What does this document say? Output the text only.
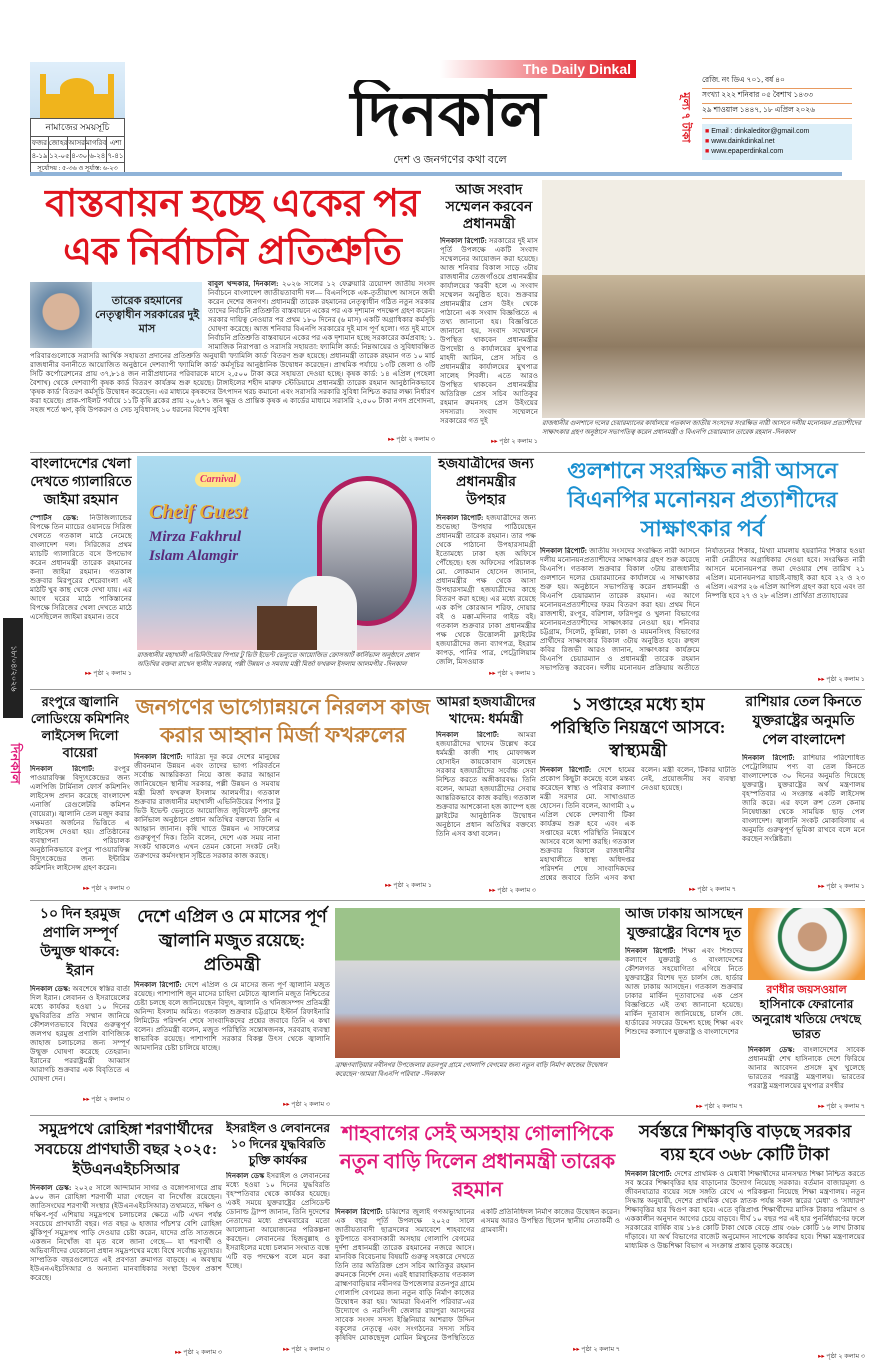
নামাজের সময়সূচি
ফজর জোহর আসর মাগরিব এশা
৪-১৯ ১২-০৫ ৪-৩০ ৬-২৪ ৭-৪১
সূর্যোদয় : ৫-৩৬ ও সূর্যাস্ত: ৬-২৩
The Daily Dinkal
দিনকাল
দেশ ও জনগণের কথা বলে
মূল্য ৭ টাকা
রেজি. নং ডিএ ৭০১, বর্ষ ৪০
সংখ্যা ২২২ শনিবার ০৫ বৈশাখ ১৪৩৩
২৯ শাওয়াল ১৪৪৭, ১৮ এপ্রিল ২০২৬
■ Email : dinkaleditor@gmail.com
■ www.dainkdinkal.net
■ www.epaperdinkal.com
১৮/০৪/২০২৬
দিনকাল
বাস্তবায়ন হচ্ছে একের পর এক নির্বাচনি প্রতিশ্রুতি
তারেক রহমানের নেতৃত্বাধীন সরকারের দুই মাস
বাবুল খন্দকার, দিনকাল: ২০২৬ সালের ১২ ফেব্রুয়ারি ত্রয়োদশ জাতীয় সংসদ নির্বাচনে বাংলাদেশ জাতীয়তাবাদী দল— বিএনপিকে এক-তৃতীয়াংশ আসনে জয়ী করেন দেশের জনগণ। প্রধানমন্ত্রী তারেক রহমানের নেতৃত্বাধীন গঠিত নতুন সরকার তাদের নির্বাচনি প্রতিশ্রুতি বাস্তবায়নে একের পর এক দৃশ্যমান পদক্ষেপ গ্রহণ করেন। সরকার দায়িত্ব নেওয়ার পর প্রথম ১৮০ দিনের (৬ মাস) একটি অগ্রাধিকার কর্মসূচি ঘোষণা করেছে। আজ শনিবার বিএনপি সরকারের দুই মাস পূর্ণ হলো। গত দুই মাসে নির্বাচনি প্রতিশ্রুতি বাস্তবায়নে একের পর এক দৃশ্যমান হচ্ছে সরকারের কর্মপ্রবাহ: ১. সামাজিক নিরাপত্তা ও সরাসরি সহায়তা: ফ্যামিলি কার্ড: নিম্নআয়ের ও সুবিধাবঞ্চিত পরিবারগুলোকে সরাসরি আর্থিক সহায়তা প্রদানের প্রতিশ্রুতি অনুযায়ী 'ফ্যামিলি কার্ড' বিতরণ শুরু হয়েছে। প্রধানমন্ত্রী তারেক রহমান গত ১০ মার্চ রাজধানীর বনানীতে আয়োজিত অনুষ্ঠানে দেশব্যাপী 'ফ্যামিলি কার্ড' কর্মসূচির আনুষ্ঠানিক উদ্বোধন করেছেন। প্রাথমিক পর্যায়ে ১৩টি জেলা ও ৩টি সিটি কর্পোরেশনের প্রায় ৩৭,৮১৪ জন নারীপ্রধানের পরিবারকে মাসে ২,৫০০ টাকা করে সহায়তা দেওয়া হচ্ছে। কৃষক কার্ড: ১৪ এপ্রিল (পহেলা বৈশাখ) থেকে দেশব্যাপী কৃষক কার্ড বিতরণ কার্যক্রম শুরু হয়েছে। টাঙ্গাইলের শহীদ মারুফ স্টেডিয়ামে প্রধানমন্ত্রী তারেক রহমান আনুষ্ঠানিকভাবে 'কৃষক কার্ড' বিতরণ কর্মসূচি উদ্বোধন করেছেন। এর মাধ্যমে কৃষকদের উৎপাদন খরচ কমানো এবং সরাসরি সরকারি সুবিধা নিশ্চিত করার লক্ষ্য নির্ধারণ করা হয়েছে। প্রাক-পাইলট পর্যায়ে ১১টি কৃষি ব্লকের প্রায় ২০,৬৭১ জন ক্ষুদ্র ও প্রান্তিক কৃষক এ কার্ডের মাধ্যমে সরাসরি ২,৫০০ টাকা নগদ প্রণোদনা, সহজ শর্তে ঋণ, কৃষি উপকরণ ও সেচ সুবিধাসহ ১০ ধরনের বিশেষ সুবিধা
▸▸ পৃষ্ঠা ২ কলাম ৩
আজ সংবাদ সম্মেলন করবেন প্রধানমন্ত্রী
দিনকাল রিপোর্ট: সরকারের দুই মাস পূর্তি উপলক্ষে একটি সংবাদ সম্মেলনের আয়োজন করা হয়েছে। আজ শনিবার বিকাল সাড়ে ৩টায় রাজধানীর তেজগাঁওয়ে প্রধানমন্ত্রীর কার্যালয়ের 'করবী' হলে এ সংবাদ সম্মেলন অনুষ্ঠিত হবে। শুক্রবার প্রধানমন্ত্রীর প্রেস উইং থেকে পাঠানো এক সংবাদ বিজ্ঞপ্তিতে এ তথ্য জানানো হয়। বিজ্ঞপ্তিতে জানানো হয়, সংবাদ সম্মেলনে উপস্থিত থাকবেন প্রধানমন্ত্রীর উপদেষ্টা ও কার্যালয়ের মুখপাত্র মাহদী আমিন, প্রেস সচিব ও প্রধানমন্ত্রীর কার্যালয়ের মুখপাত্র সালেহ শিবলী। এতে আরও উপস্থিত থাকবেন প্রধানমন্ত্রীর অতিরিক্ত প্রেস সচিব আতিকুর রহমান রুমনসহ প্রেস উইংয়ের সদস্যরা। সংবাদ সম্মেলনে সরকারের গত দুই
▸▸ পৃষ্ঠা ২ কলাম ১
রাজধানীর গুলশানে দলের চেয়ারম্যানের কার্যালয়ে গতকাল জাতীয় সংসদের সংরক্ষিত নারী আসনে দলীয় মনোনয়ন প্রত্যাশীদের সাক্ষাৎকার গ্রহণ অনুষ্ঠানে সভাপতিত্ব করেন প্রধানমন্ত্রী ও বিএনপি চেয়ারম্যান তারেক রহমান -দিনকাল
বাংলাদেশের খেলা দেখতে গ্যালারিতে জাইমা রহমান
স্পোর্টস ডেস্ক: নিউজিল্যান্ডের বিপক্ষে তিন ম্যাচের ওয়ানডে সিরিজ খেলতে গতকাল মাঠে নেমেছে বাংলাদেশ দল। সিরিজের প্রথম ম্যাচটি গ্যালারিতে বসে উপভোগ করেন প্রধানমন্ত্রী তারেক রহমানের কন্যা জাইমা রহমান। গতকাল শুক্রবার মিরপুরের শেরেবাংলা এই মাঠটি খুব কাছ থেকে দেখা যায়। এর আগে ঘরের মাঠে পাকিস্তানের বিপক্ষে সিরিজের খেলা দেখতে মাঠে এসেছিলেন জাইমা রহমান। তবে
▸▸ পৃষ্ঠা ২ কলাম ১
Carnival
Cheif Guest
Mirza Fakhrul Islam Alamgir
রাজধানীর মহাখালী এভিনিউয়ের পিপার টু ভিউ ইভেন্ট ভেন্যুতে আয়োজিত ক্রোসআর্ট কার্নিভাল অনুষ্ঠানে প্রধান অতিথির বক্তব্য রাখেন স্থানীয় সরকার, পল্লী উন্নয়ন ও সমবায় মন্ত্রী মির্জা ফখরুল ইসলাম আলমগীর -দিনকাল
হজযাত্রীদের জন্য প্রধানমন্ত্রীর উপহার
দিনকাল রিপোর্ট: হজযাত্রীদের জন্য শুভেচ্ছা উপহার পাঠিয়েছেন প্রধানমন্ত্রী তারেক রহমান। তার পক্ষ থেকে পাঠানো উপহারসামগ্রী ইতোমধ্যে ঢাকা হজ অফিসে পৌঁছেছে। হজ অফিসের পরিচালক মো. লোকমান হোসেন জানান, প্রধানমন্ত্রীর পক্ষ থেকে আসা উপহারসামগ্রী হজযাত্রীদের কাছে বিতরণ করা হচ্ছে। এর মধ্যে রয়েছে এক কপি কোরআন শরিফ, দোয়ার বই ও মক্কা-মদিনার গাইড বই। গতকাল শুক্রবার ঢাকা প্রধানমন্ত্রীর পক্ষ থেকে উত্তোলনী ফ্লাইটের হজযাত্রীদের জন্য ব্যাগপত্র, ইহরাম কাপড়, পানির পাত্র, পেট্রোলিয়াম জেলি, মিসওয়াক
▸▸ পৃষ্ঠা ২ কলাম ১
গুলশানে সংরক্ষিত নারী আসনে বিএনপির মনোনয়ন প্রত্যাশীদের সাক্ষাৎকার পর্ব
দিনকাল রিপোর্ট: জাতীয় সংসদের সংরক্ষিত নারী আসনে দলীয় মনোনয়নপ্রত্যাশীদের সাক্ষাৎকার গ্রহণ শুরু করেছে বিএনপি। গতকাল শুক্রবার বিকাল ৩টায় রাজধানীর গুলশানে দলের চেয়ারম্যানের কার্যালয়ে এ সাক্ষাৎকার শুরু হয়। অনুষ্ঠানে সভাপতিত্ব করেন প্রধানমন্ত্রী ও বিএনপি চেয়ারম্যান তারেক রহমান। এর আগে মনোনয়নপ্রত্যাশীদের ফরম বিতরণ করা হয়। প্রথম দিনে রাজশাহী, রংপুর, বরিশাল, ফরিদপুর ও খুলনা বিভাগের মনোনয়নপ্রত্যাশীদের সাক্ষাৎকার নেওয়া হয়। শনিবার চট্টগ্রাম, সিলেট, কুমিল্লা, ঢাকা ও ময়মনসিংহ বিভাগের প্রার্থীদের সাক্ষাৎকার বিকাল ৩টায় অনুষ্ঠিত হবে। রুহুল কবির রিজভী আরও জানান, সাক্ষাৎকার কার্যক্রমে বিএনপি চেয়ারম্যান ও প্রধানমন্ত্রী তারেক রহমান সভাপতিত্ব করবেন। দলীয় মনোনয়ন প্রক্রিয়ায় অতীতে নির্যাতনের শিকার, মিথ্যা মামলায় হয়রানির শিকার হওয়া নারী নেত্রীদের অগ্রাধিকার দেওয়া হবে। সংরক্ষিত নারী আসনে মনোনয়নপত্র জমা দেওয়ার শেষ তারিখ ২১ এপ্রিল। মনোনয়নপত্র যাচাই-বাছাই করা হবে ২২ ও ২৩ এপ্রিল। এরপর ২৬ এপ্রিল আপিল গ্রহণ করা হবে এবং তা নিষ্পত্তি হবে ২৭ ও ২৮ এপ্রিল। প্রার্থিতা প্রত্যাহারের
▸▸ পৃষ্ঠা ২ কলাম ১
রংপুরে জ্বালানি লোডিংয়ে কমিশনিং লাইসেন্স দিলো বায়েরা
দিনকাল রিপোর্ট:	রংপুর পাওয়ারফিক্স বিদ্যুৎকেন্দ্রের জন্য এলপিজি টার্মিনাল ফোর্স কমিশনিং লাইসেন্স প্রদান করেছে বাংলাদেশ এনার্জি রেগুলেটরি কমিশন (বায়েরা)। জ্বালানি তেল মজুদ করার সক্ষমতা অর্জনের ভিত্তিতে এ লাইসেন্স দেওয়া হয়। প্রতিষ্ঠানের ব্যবস্থাপনা পরিচালক অনুষ্ঠানিকভাবে রংপুর পাওয়ারফিক্স বিদ্যুৎকেন্দ্রের জন্য ইন্টারিম কমিশনিং লাইসেন্স গ্রহণ করেন।
▸▸ পৃষ্ঠা ২ কলাম ৩
জনগণের ভাগ্যোন্নয়নে নিরলস কাজ করার আহ্বান মির্জা ফখরুলের
দিনকাল রিপোর্ট: দারিদ্র্য দূর করে দেশের মানুষের জীবনমান উন্নয়ন এবং তাদের ভাগ্য পরিবর্তনে সর্বোচ্চ আন্তরিকতা নিয়ে কাজ করার আহ্বান জানিয়েছেন স্থানীয় সরকার, পল্লী উন্নয়ন ও সমবায় মন্ত্রী মির্জা ফখরুল ইসলাম আলমগীর। গতকাল শুক্রবার রাজধানীর মহাখালী এভিনিউয়ের পিপার টু ভিউ ইভেন্ট ভেন্যুতে আয়োজিত জুবিলেন্ট গ্রুপের কার্নিভাল অনুষ্ঠানে প্রধান অতিথির বক্তব্যে তিনি এ আহ্বান জানান। কৃষি খাতে উন্নয়ন এ সাফল্যের গুরুত্বপূর্ণ দিক। তিনি বলেন, দেশে এক সময় নানা সংকট থাকলেও এখন তেমন কোনো সংকট নেই। তরুণদের কর্মসংস্থান সৃষ্টিতে সরকার কাজ করছে।
▸▸ পৃষ্ঠা ২ কলাম ১
আমরা হজযাত্রীদের খাদেম: ধর্মমন্ত্রী
দিনকাল রিপোর্ট:	আমরা হজযাত্রীদের খাদেম উল্লেখ করে ধর্মমন্ত্রী কাজী শাহ মোফাজ্জল হোসাইন কায়কোবাদ বলেছেন সরকার হজযাত্রীদের সর্বোচ্চ সেবা নিশ্চিত করতে অঙ্গীকারবদ্ধ। তিনি বলেন, আমরা হজযাত্রীদের সেবায় আন্তরিকভাবে কাজ করছি। গতকাল শুক্রবার আশকোনা হজ ক্যাম্পে হজ ফ্লাইটের আনুষ্ঠানিক উদ্বোধন অনুষ্ঠানে প্রধান অতিথির বক্তব্যে তিনি এসব কথা বলেন।
▸▸ পৃষ্ঠা ২ কলাম ৩
১ সপ্তাহের মধ্যে হাম পরিস্থিতি নিয়ন্ত্রণে আসবে: স্বাস্থ্যমন্ত্রী
দিনকাল রিপোর্ট: দেশে হামের প্রকোপ কিছুটা কমেছে বলে মন্তব্য করেছেন স্বাস্থ্য ও পরিবার কল্যাণ মন্ত্রী সরদার মো. সাখাওয়াত হোসেন। তিনি বলেন, আগামী ২০ এপ্রিল থেকে দেশব্যাপী টিকা কার্যক্রম শুরু হবে এবং এক সপ্তাহের মধ্যে পরিস্থিতি নিয়ন্ত্রণে আসবে বলে আশা করছি। গতকাল শুক্রবার বিকালে রাজধানীর মহাখালীতে স্বাস্থ্য অধিদপ্তর পরিদর্শন শেষে সাংবাদিকদের প্রশ্নের জবাবে তিনি এসব কথা বলেন। মন্ত্রী বলেন, টিকার ঘাটতি নেই, প্রয়োজনীয় সব ব্যবস্থা নেওয়া হয়েছে।
▸▸ পৃষ্ঠা ২ কলাম ৭
রাশিয়ার তেল কিনতে যুক্তরাষ্ট্রের অনুমতি পেল বাংলাদেশ
দিনকাল রিপোর্ট: রাশিয়ার পরিশোধিত পেট্রোলিয়াম পণ্য বা তেল কিনতে বাংলাদেশকে ৩০ দিনের অনুমতি দিয়েছে যুক্তরাষ্ট্র। যুক্তরাষ্ট্রের অর্থ মন্ত্রণালয় বৃহস্পতিবার এ সংক্রান্ত একটি লাইসেন্স জারি করে। এর ফলে রুশ তেল কেনায় নিষেধাজ্ঞা থেকে সাময়িক ছাড় পেল বাংলাদেশ। জ্বালানি সংকট মোকাবিলায় এ অনুমতি গুরুত্বপূর্ণ ভূমিকা রাখবে বলে মনে করছেন সংশ্লিষ্টরা।
▸▸ পৃষ্ঠা ২ কলাম ১
১০ দিন হরমুজ প্রণালি সম্পূর্ণ উন্মুক্ত থাকবে: ইরান
দিনকাল ডেস্ক: অবশেষে স্বস্তির বার্তা দিল ইরান। লেবানন ও ইসরায়েলের মধ্যে কার্যকর হওয়া ১০ দিনের যুদ্ধবিরতির প্রতি সম্মান জানিয়ে কৌশলগতভাবে বিশ্বের গুরুত্বপূর্ণ জলপথ হরমুজ প্রণালি বাণিজ্যিক জাহাজ চলাচলের জন্য সম্পূর্ণ উন্মুক্ত ঘোষণা করেছে তেহরান। ইরানের পররাষ্ট্রমন্ত্রী আব্বাস আরাগচি শুক্রবার এক বিবৃতিতে এ ঘোষণা দেন।
▸▸ পৃষ্ঠা ২ কলাম ৩
দেশে এপ্রিল ও মে মাসের পূর্ণ জ্বালানি মজুত রয়েছে: প্রতিমন্ত্রী
দিনকাল রিপোর্ট: দেশে এপ্রিল ও মে মাসের জন্য পূর্ণ জ্বালানি মজুত রয়েছে। পাশাপাশি জুন মাসের চাহিদা মেটাতে জ্বালানি মজুত নিশ্চিতের চেষ্টা চলছে বলে জানিয়েছেন বিদ্যুৎ, জ্বালানি ও খনিজসম্পদ প্রতিমন্ত্রী অনিন্দ্য ইসলাম অমিত। গতকাল শুক্রবার চট্টগ্রামে ইস্টার্ন রিফাইনারি লিমিটেড পরিদর্শন শেষে সাংবাদিকদের প্রশ্নের জবাবে তিনি এ কথা বলেন। প্রতিমন্ত্রী বলেন, মজুত পরিস্থিতি সন্তোষজনক, সরবরাহ ব্যবস্থা স্বাভাবিক রয়েছে। পাশাপাশি সরকার বিকল্প উৎস থেকে জ্বালানি আমদানির চেষ্টা চালিয়ে যাচ্ছে।
▸▸ পৃষ্ঠা ২ কলাম ৩
ব্রাহ্মণবাড়িয়ার নবীনগর উপজেলার রতনপুর গ্রামে গোলাপি বেগমের জন্য নতুন বাড়ি নির্মাণ কাজের উদ্বোধন করেছেন 'আমরা বিএনপি পরিবার' -দিনকাল
আজ ঢাকায় আসছেন যুক্তরাষ্ট্রের বিশেষ দূত
দিনকাল রিপোর্ট: শিক্ষা এবং শিশুদের কল্যাণে যুক্তরাষ্ট্র ও বাংলাদেশের কৌশলগত সহযোগিতা এগিয়ে নিতে যুক্তরাষ্ট্রের বিশেষ দূত চার্লস জে. হার্ডার আজ ঢাকায় আসছেন। গতকাল শুক্রবার ঢাকার মার্কিন দূতাবাসের এক প্রেস বিজ্ঞপ্তিতে এই তথ্য জানানো হয়েছে। মার্কিন দূতাবাস জানিয়েছে, চার্লস জে. হার্ডারের সফরের উদ্দেশ্য হচ্ছে শিক্ষা এবং শিশুদের কল্যাণে যুক্তরাষ্ট্র ও বাংলাদেশের
▸▸ পৃষ্ঠা ২ কলাম ৭
রণধীর জয়সওয়াল
হাসিনাকে ফেরানোর অনুরোধ খতিয়ে দেখছে ভারত
দিনকাল ডেস্ক: বাংলাদেশের সাবেক প্রধানমন্ত্রী শেখ হাসিনাকে দেশে ফিরিয়ে আনার আবেদন প্রসঙ্গে মুখ খুলেছে ভারতের পররাষ্ট্র মন্ত্রণালয়। ভারতের পররাষ্ট্র মন্ত্রণালয়ের মুখপাত্র রণধীর
▸▸ পৃষ্ঠা ২ কলাম ৭
সমুদ্রপথে রোহিঙ্গা শরণার্থীদের সবচেয়ে প্রাণঘাতী বছর ২০২৫: ইউএনএইচসিআর
দিনকাল ডেস্ক: ২০২৫ সালে আন্দামান সাগর ও বঙ্গোপসাগরে প্রায় ৯০০ জন রোহিঙ্গা শরণার্থী মারা গেছেন বা নিখোঁজ রয়েছেন। জাতিসংঘের শরণার্থী সংস্থার (ইউএনএইচসিআর) তথ্যমতে, দক্ষিণ ও দক্ষিণ-পূর্ব এশিয়ায় সমুদ্রপথে চলাচলের ক্ষেত্রে এটি এখন পর্যন্ত সবচেয়ে প্রাণঘাতী বছর। গত বছর ৬ হাজার পাঁচশ'র বেশি রোহিঙ্গা ঝুঁকিপূর্ণ সমুদ্রপথ পাড়ি দেওয়ার চেষ্টা করেন, যাদের প্রতি সাতজনে একজন নিখোঁজ বা মৃত বলে জানা গেছে— যা শরণার্থী ও অভিবাসীদের যেকোনো প্রধান সমুদ্রপথের মধ্যে বিশ্বে সর্বোচ্চ মৃত্যুহার। সাম্প্রতিক বছরগুলোতে এই প্রবণতা ক্রমাগত বাড়ছে। এ অবস্থায় ইউএনএইচসিআর ও অন্যান্য মানবাধিকার সংস্থা উদ্বেগ প্রকাশ করেছে।
▸▸ পৃষ্ঠা ২ কলাম ৩
ইসরাইল ও লেবাননের ১০ দিনের যুদ্ধবিরতি চুক্তি কার্যকর
দিনকাল ডেস্ক ইসরাইল ও লেবাননের মধ্যে হওয়া ১০ দিনের যুদ্ধবিরতি বৃহস্পতিবার থেকে কার্যকর হয়েছে। একই সময়ে যুক্তরাষ্ট্রের প্রেসিডেন্ট ডোনাল্ড ট্রাম্প জানান, তিনি দুদেশের নেতাদের মধ্যে প্রথমবারের মতো আলোচনা আয়োজনের পরিকল্পনা করছেন। লেবাননের হিজবুল্লাহ ও ইসরাইলের মধ্যে চলমান সংঘাত বন্ধে এটি বড় পদক্ষেপ বলে মনে করা হচ্ছে।
▸▸ পৃষ্ঠা ২ কলাম ৩
শাহবাগের সেই অসহায় গোলাপিকে নতুন বাড়ি দিলেন প্রধানমন্ত্রী তারেক রহমান
দিনকাল রিপোর্ট: চব্বিশের জুলাই গণঅভ্যুত্থানের এক বছর পূর্তি উপলক্ষে ২০২৫ সালে জাতীয়তাবাদী ছাত্রদলের সমাবেশে শাহবাগের ফুটপাতে বসবাসকারী অসহায় গোলাপি বেগমের দুর্দশা প্রধানমন্ত্রী তারেক রহমানের নজরে আসে। মানবিক বিবেচনায় বিষয়টি গুরুত্ব সহকারে দেখতে তিনি তার অতিরিক্ত প্রেস সচিব আতিকুর রহমান রুমনকে নির্দেশ দেন। এরই ধারাবাহিকতায় গতকাল ব্রাহ্মণবাড়িয়ার নবীনগর উপজেলার রতনপুর গ্রামে গোলাপি বেগমের জন্য নতুন বাড়ি নির্মাণ কাজের উদ্বোধন করা হয়। 'আমরা বিএনপি পরিবার'-এর উদ্যোগে ও নরসিংদী জেলার রায়পুরা আসনের সাবেক সংসদ সদস্য ইঞ্জিনিয়ার আশরাফ উদ্দিন বকুলের নেতৃত্বে এবং সংগঠনের সদস্য সচিব কৃষিবিদ মোকছেদুল মোমিন মিথুনের উপস্থিতিতে একটি প্রতিনিধিদল নির্মাণ কাজের উদ্বোধন করেন। এসময় আরও উপস্থিত ছিলেন স্থানীয় নেতাকর্মী ও গ্রামবাসী।
▸▸ পৃষ্ঠা ২ কলাম ৭
সর্বস্তরে শিক্ষাবৃত্তি বাড়ছে সরকার ব্যয় হবে ৩৬৮ কোটি টাকা
দিনকাল রিপোর্ট: দেশের প্রাথমিক ও মেধাবী শিক্ষার্থীদের মানসম্মত শিক্ষা নিশ্চিত করতে সব স্তরের শিক্ষাবৃত্তির হার বাড়ানোর উদ্যোগ নিয়েছে সরকার। বর্তমান বাজারমূল্য ও জীবনযাত্রার ব্যয়ের সঙ্গে সঙ্গতি রেখে এ পরিকল্পনা নিয়েছে শিক্ষা মন্ত্রণালয়। নতুন সিদ্ধান্ত অনুযায়ী, দেশের প্রাথমিক থেকে স্নাতক পর্যন্ত সকল স্তরের 'মেধা' ও 'সাধারণ' শিক্ষাবৃত্তির হার দ্বিগুণ করা হবে। এতে বৃত্তিপ্রাপ্ত শিক্ষার্থীদের মাসিক টাকার পরিমাণ ও এককালীন অনুদান আগের চেয়ে বাড়বে। দীর্ঘ ১০ বছর পর এই হার পুনর্নির্ধারণের ফলে সরকারের বার্ষিক ব্যয় ১৮৪ কোটি টাকা থেকে বেড়ে প্রায় ৩৬৮ কোটি ১৬ লাখ টাকায় দাঁড়াবে। যা অর্থ বিভাগের বাজেট অনুমোদন সাপেক্ষে কার্যকর হবে। শিক্ষা মন্ত্রণালয়ের মাধ্যমিক ও উচ্চশিক্ষা বিভাগ এ সংক্রান্ত প্রস্তাব চূড়ান্ত করেছে।
▸▸ পৃষ্ঠা ২ কলাম ৩
